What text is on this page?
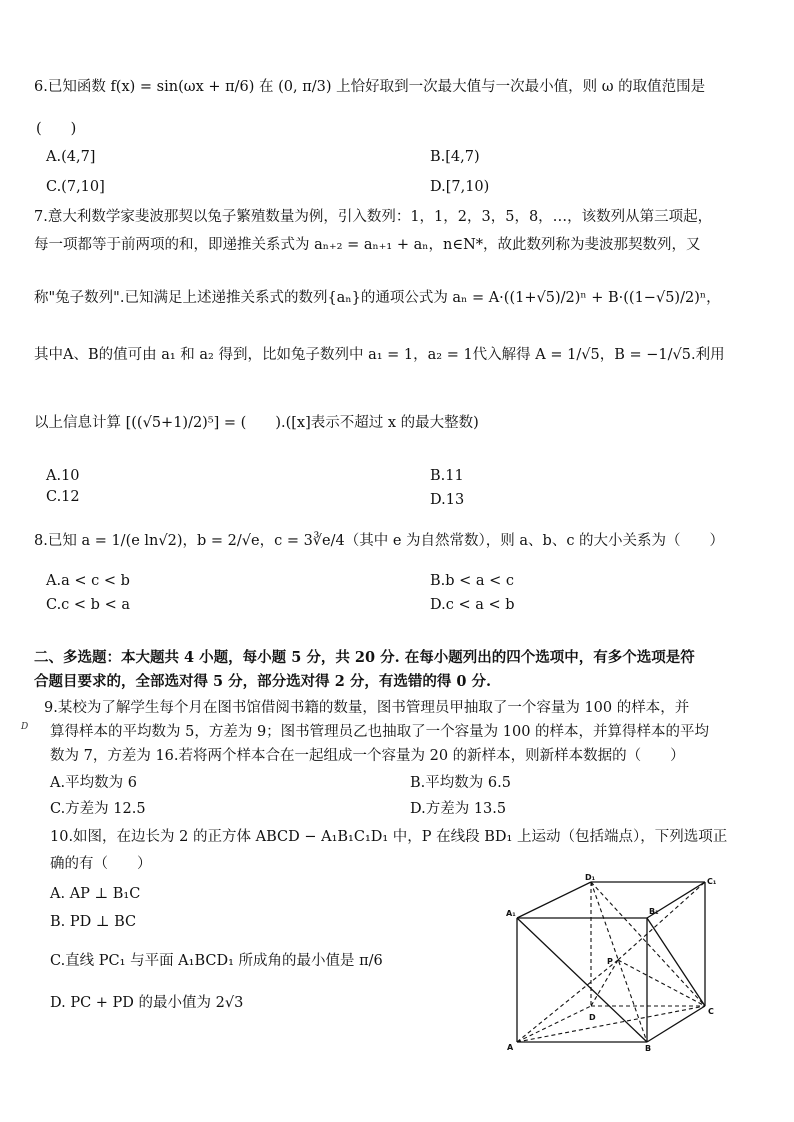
6.已知函数 f(x) = sin(ωx + π/6) 在 (0, π/3) 上恰好取到一次最大值与一次最小值，则 ω 的取值范围是
(　　)
A.(4,7]	B.[4,7)
C.(7,10]	D.[7,10)
7.意大利数学家斐波那契以兔子繁殖数量为例，引入数列：1，1，2，3，5，8，…，该数列从第三项起，
每一项都等于前两项的和，即递推关系式为 aₙ₊₂ = aₙ₊₁ + aₙ，n∈N*，故此数列称为斐波那契数列，又
称"兔子数列".已知满足上述递推关系式的数列{aₙ}的通项公式为 aₙ = A·((1+√5)/2)ⁿ + B·((1−√5)/2)ⁿ，
其中A、B的值可由 a₁ 和 a₂ 得到，比如兔子数列中 a₁ = 1，a₂ = 1代入解得 A = 1/√5，B = −1/√5.利用
以上信息计算 [((√5+1)/2)⁵] = (　　).([x]表示不超过 x 的最大整数)
A.10	B.11
C.12	D.13
8.已知 a = 1/(e ln√2)，b = 2/√e，c = 3∛e/4（其中 e 为自然常数），则 a、b、c 的大小关系为（　　）
A.a < c < b	B.b < a < c
C.c < b < a	D.c < a < b
二、多选题：本大题共 4 小题，每小题 5 分，共 20 分. 在每小题列出的四个选项中，有多个选项是符
合题目要求的，全部选对得 5 分，部分选对得 2 分，有选错的得 0 分.
9.某校为了解学生每个月在图书馆借阅书籍的数量，图书管理员甲抽取了一个容量为 100 的样本，并
D 算得样本的平均数为 5，方差为 9；图书管理员乙也抽取了一个容量为 100 的样本，并算得样本的平均
数为 7，方差为 16.若将两个样本合在一起组成一个容量为 20 的新样本，则新样本数据的（　　）
A.平均数为 6	B.平均数为 6.5
C.方差为 12.5	D.方差为 13.5
10.如图，在边长为 2 的正方体 ABCD − A₁B₁C₁D₁ 中，P 在线段 BD₁ 上运动（包括端点），下列选项正
确的有（　　）
A. AP ⊥ B₁C
B. PD ⊥ BC
C.直线 PC₁ 与平面 A₁BCD₁ 所成角的最小值是 π/6
D. PC + PD 的最小值为 2√3
D₁	C₁
A₁	B₁
P
D
C
A	B
